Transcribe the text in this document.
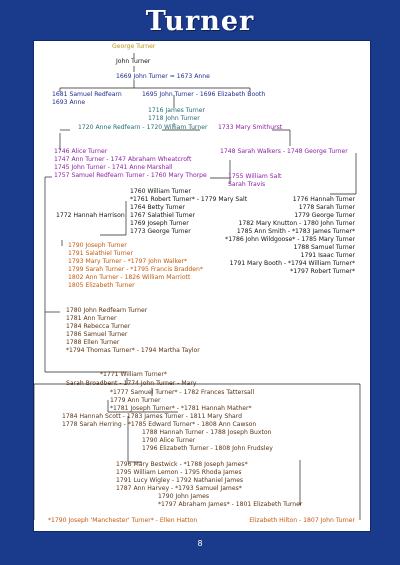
Turner
George Turner
John Turner
1669 John Turner = 1673 Anne
1681 Samuel Redfearn
1693 Anne
1695 John Turner - 1696 Elizabeth Booth
1716 James Turner
1718 John Turner
1720 Anne Redfearn - 1720 William Turner 1733 Mary Smithurst
1746 Alice Turner
1747 Ann Turner - 1747 Abraham Wheatcroft
1745 John Turner - 1741 Anne Marshall
1757 Samuel Redfearn Turner - 1760 Mary Thorpe
1748 Sarah Walkers - 1748 George Turner
1755 William Salt
Sarah Travis
1760 William Turner
*1761 Robert Turner* - 1779 Mary Salt
1764 Betty Turner
1772 Hannah Harrison 1767 Salathiel Turner
1769 Joseph Turner
1773 George Turner
1776 Hannah Turner
1778 Sarah Turner
1779 George Turner
1782 Mary Knutton - 1780 John Turner
1785 Ann Smith - *1783 James Turner*
*1786 John Wildgoose* - 1785 Mary Turner
1788 Samuel Turner
1791 Isaac Turner
1791 Mary Booth - *1794 William Turner*
*1797 Robert Turner*
1790 Joseph Turner
1791 Salathiel Turner
1793 Mary Turner - *1797 John Walker*
1799 Sarah Turner - *1795 Francis Bradden*
1802 Ann Turner - 1826 William Marriott
1805 Elizabeth Turner
1780 John Redfearn Turner
1781 Ann Turner
1784 Rebecca Turner
1786 Samuel Turner
1788 Ellen Turner
*1794 Thomas Turner* - 1794 Martha Taylor
*1771 William Turner*
Sarah Broadbent - 1774 John Turner - Mary
*1777 Samuel Turner* - 1782 Frances Tattersall
1779 Ann Turner
*1781 Joseph Turner* - *1781 Hannah Mather*
1784 Hannah Scott - 1783 James Turner - 1811 Mary Shard
1778 Sarah Herring - *1785 Edward Turner* - 1808 Ann Cawson
1788 Hannah Turner - 1788 Joseph Buxton
1790 Alice Turner
1796 Elizabeth Turner - 1808 John Frudsley
1796 Mary Bestwick - *1788 Joseph James*
1795 William Lemon - 1795 Rhoda James
1791 Lucy Wigley - 1792 Nathaniel James
1787 Ann Harvey - *1793 Samuel James*
1790 John James
*1797 Abraham James* - 1801 Elizabeth Turner
*1790 Joseph 'Manchester' Turner* - Ellen Hatton	Elizabeth Hilton - 1807 John Turner
8
